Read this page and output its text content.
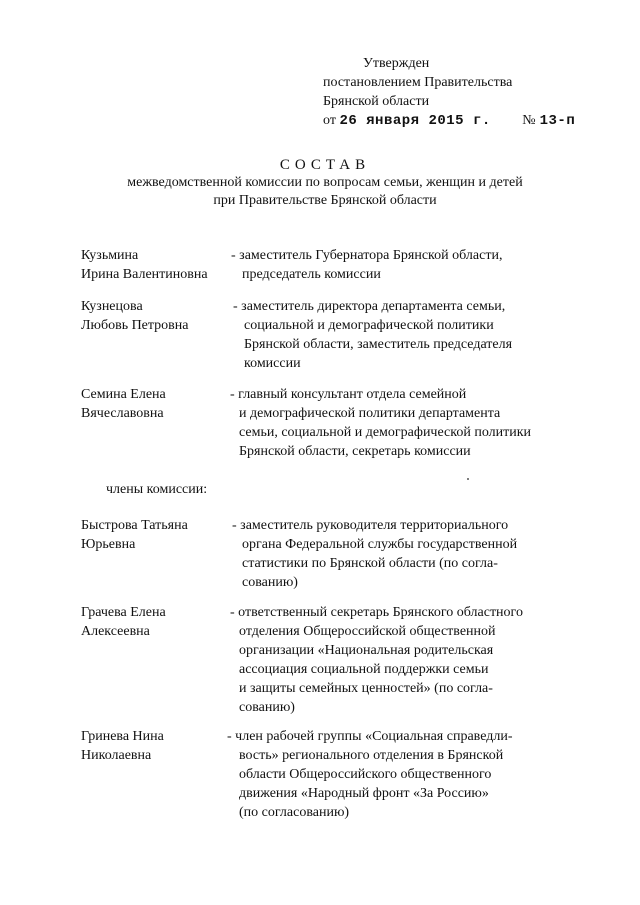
Утвержден
постановлением Правительства
Брянской области
от 26 января 2015 г. № 13-п
СОСТАВ
межведомственной комиссии по вопросам семьи, женщин и детей
при Правительстве Брянской области
Кузьмина
Ирина Валентиновна
- заместитель Губернатора Брянской области,
председатель комиссии
Кузнецова
Любовь Петровна
- заместитель директора департамента семьи,
социальной и демографической политики
Брянской области, заместитель председателя
комиссии
Семина Елена
Вячеславовна
- главный консультант отдела семейной
и демографической политики департамента
семьи, социальной и демографической политики
Брянской области, секретарь комиссии
члены комиссии:
Быстрова Татьяна
Юрьевна
- заместитель руководителя территориального
органа Федеральной службы государственной
статистики по Брянской области (по согла-
сованию)
Грачева Елена
Алексеевна
- ответственный секретарь Брянского областного
отделения Общероссийской общественной
организации «Национальная родительская
ассоциация социальной поддержки семьи
и защиты семейных ценностей» (по согла-
сованию)
Гринева Нина
Николаевна
- член рабочей группы «Социальная справедли-
вость» регионального отделения в Брянской
области Общероссийского общественного
движения «Народный фронт «За Россию»
(по согласованию)
